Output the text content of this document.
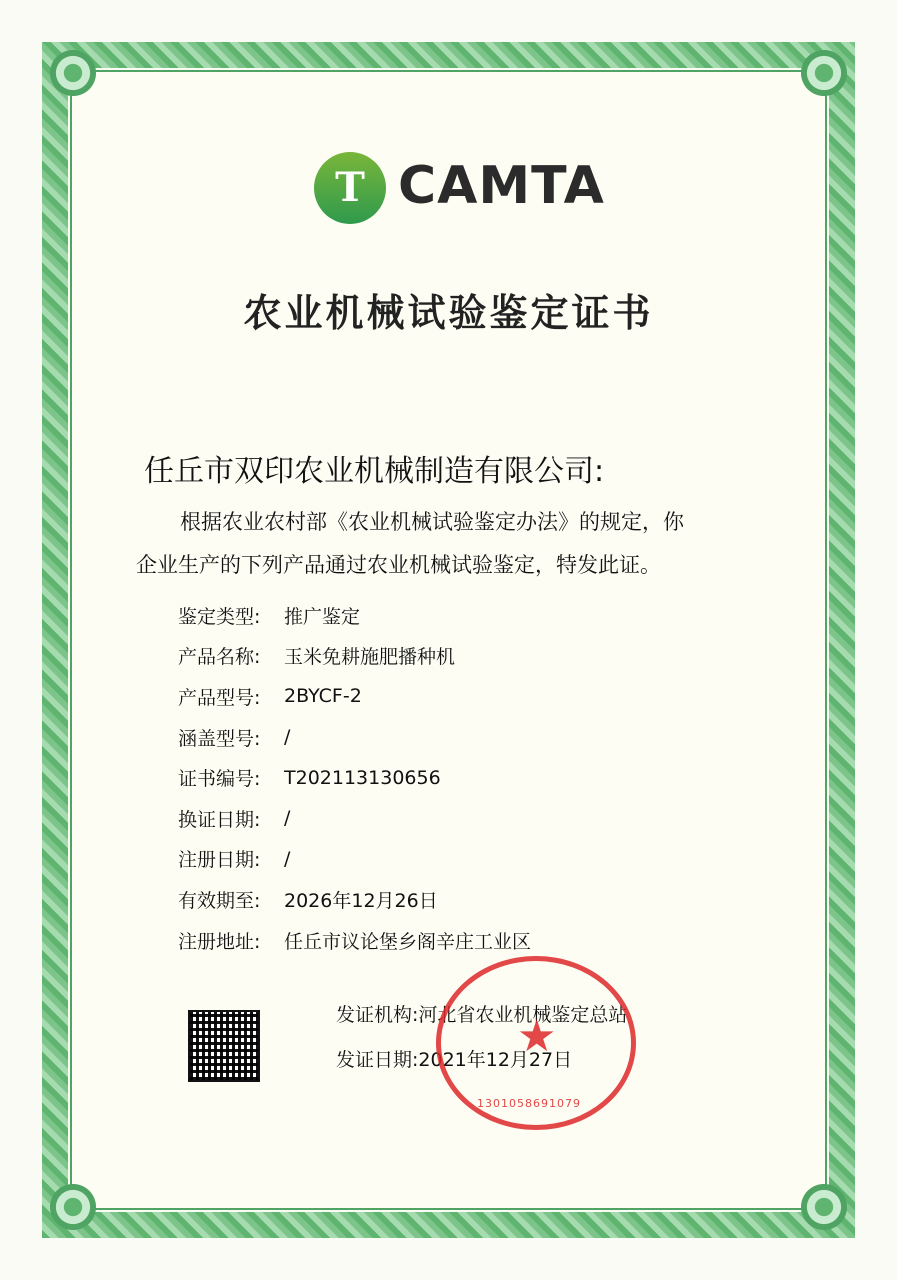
T CAMTA
农业机械试验鉴定证书
任丘市双印农业机械制造有限公司:
根据农业农村部《农业机械试验鉴定办法》的规定，你
企业生产的下列产品通过农业机械试验鉴定，特发此证。
鉴定类型:	推广鉴定
产品名称:	玉米免耕施肥播种机
产品型号:	2BYCF-2
涵盖型号:	/
证书编号:	T202113130656
换证日期:	/
注册日期:	/
有效期至:	2026年12月26日
注册地址:	任丘市议论堡乡阁辛庄工业区
发证机构:河北省农业机械鉴定总站
发证日期:2021年12月27日
★
1301058691079
